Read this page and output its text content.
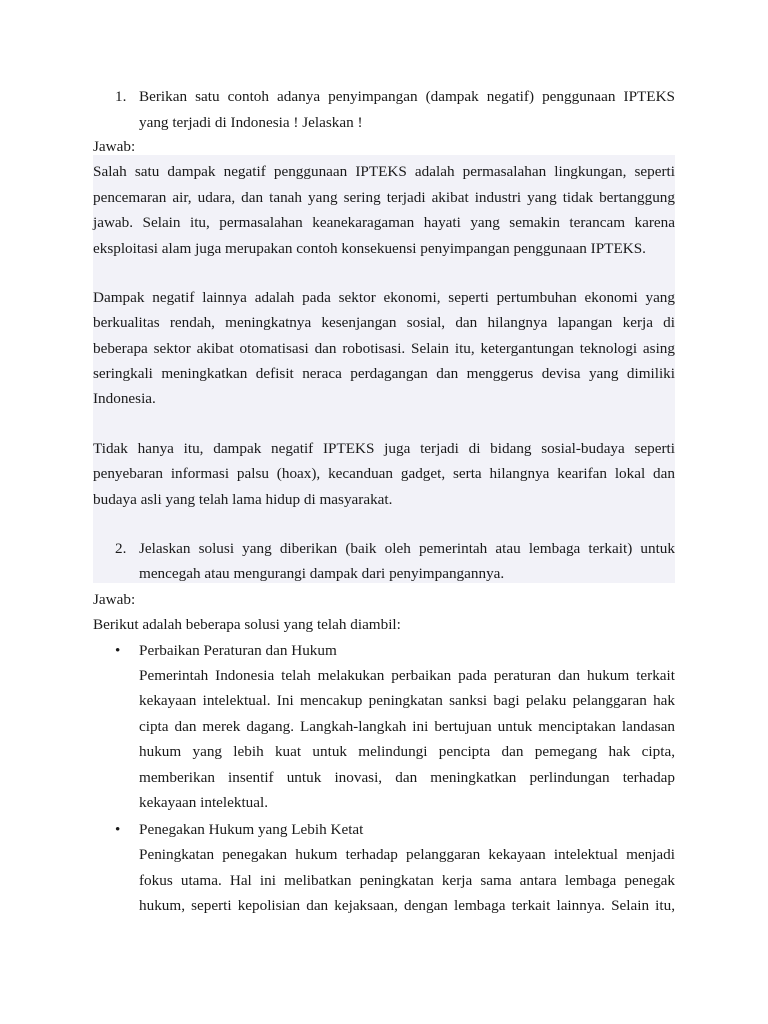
1. Berikan satu contoh adanya penyimpangan (dampak negatif) penggunaan IPTEKS
yang terjadi di Indonesia ! Jelaskan !
Jawab:
Salah satu dampak negatif penggunaan IPTEKS adalah permasalahan lingkungan, seperti
pencemaran air, udara, dan tanah yang sering terjadi akibat industri yang tidak bertanggung
jawab. Selain itu, permasalahan keanekaragaman hayati yang semakin terancam karena
eksploitasi alam juga merupakan contoh konsekuensi penyimpangan penggunaan IPTEKS.
Dampak negatif lainnya adalah pada sektor ekonomi, seperti pertumbuhan ekonomi yang
berkualitas rendah, meningkatnya kesenjangan sosial, dan hilangnya lapangan kerja di
beberapa sektor akibat otomatisasi dan robotisasi. Selain itu, ketergantungan teknologi asing
seringkali meningkatkan defisit neraca perdagangan dan menggerus devisa yang dimiliki
Indonesia.
Tidak hanya itu, dampak negatif IPTEKS juga terjadi di bidang sosial-budaya seperti
penyebaran informasi palsu (hoax), kecanduan gadget, serta hilangnya kearifan lokal dan
budaya asli yang telah lama hidup di masyarakat.
2. Jelaskan solusi yang diberikan (baik oleh pemerintah atau lembaga terkait) untuk
mencegah atau mengurangi dampak dari penyimpangannya.
Jawab:
Berikut adalah beberapa solusi yang telah diambil:
• Perbaikan Peraturan dan Hukum
Pemerintah Indonesia telah melakukan perbaikan pada peraturan dan hukum terkait
kekayaan intelektual. Ini mencakup peningkatan sanksi bagi pelaku pelanggaran hak
cipta dan merek dagang. Langkah-langkah ini bertujuan untuk menciptakan landasan
hukum yang lebih kuat untuk melindungi pencipta dan pemegang hak cipta,
memberikan insentif untuk inovasi, dan meningkatkan perlindungan terhadap
kekayaan intelektual.
• Penegakan Hukum yang Lebih Ketat
Peningkatan penegakan hukum terhadap pelanggaran kekayaan intelektual menjadi
fokus utama. Hal ini melibatkan peningkatan kerja sama antara lembaga penegak
hukum, seperti kepolisian dan kejaksaan, dengan lembaga terkait lainnya. Selain itu,
